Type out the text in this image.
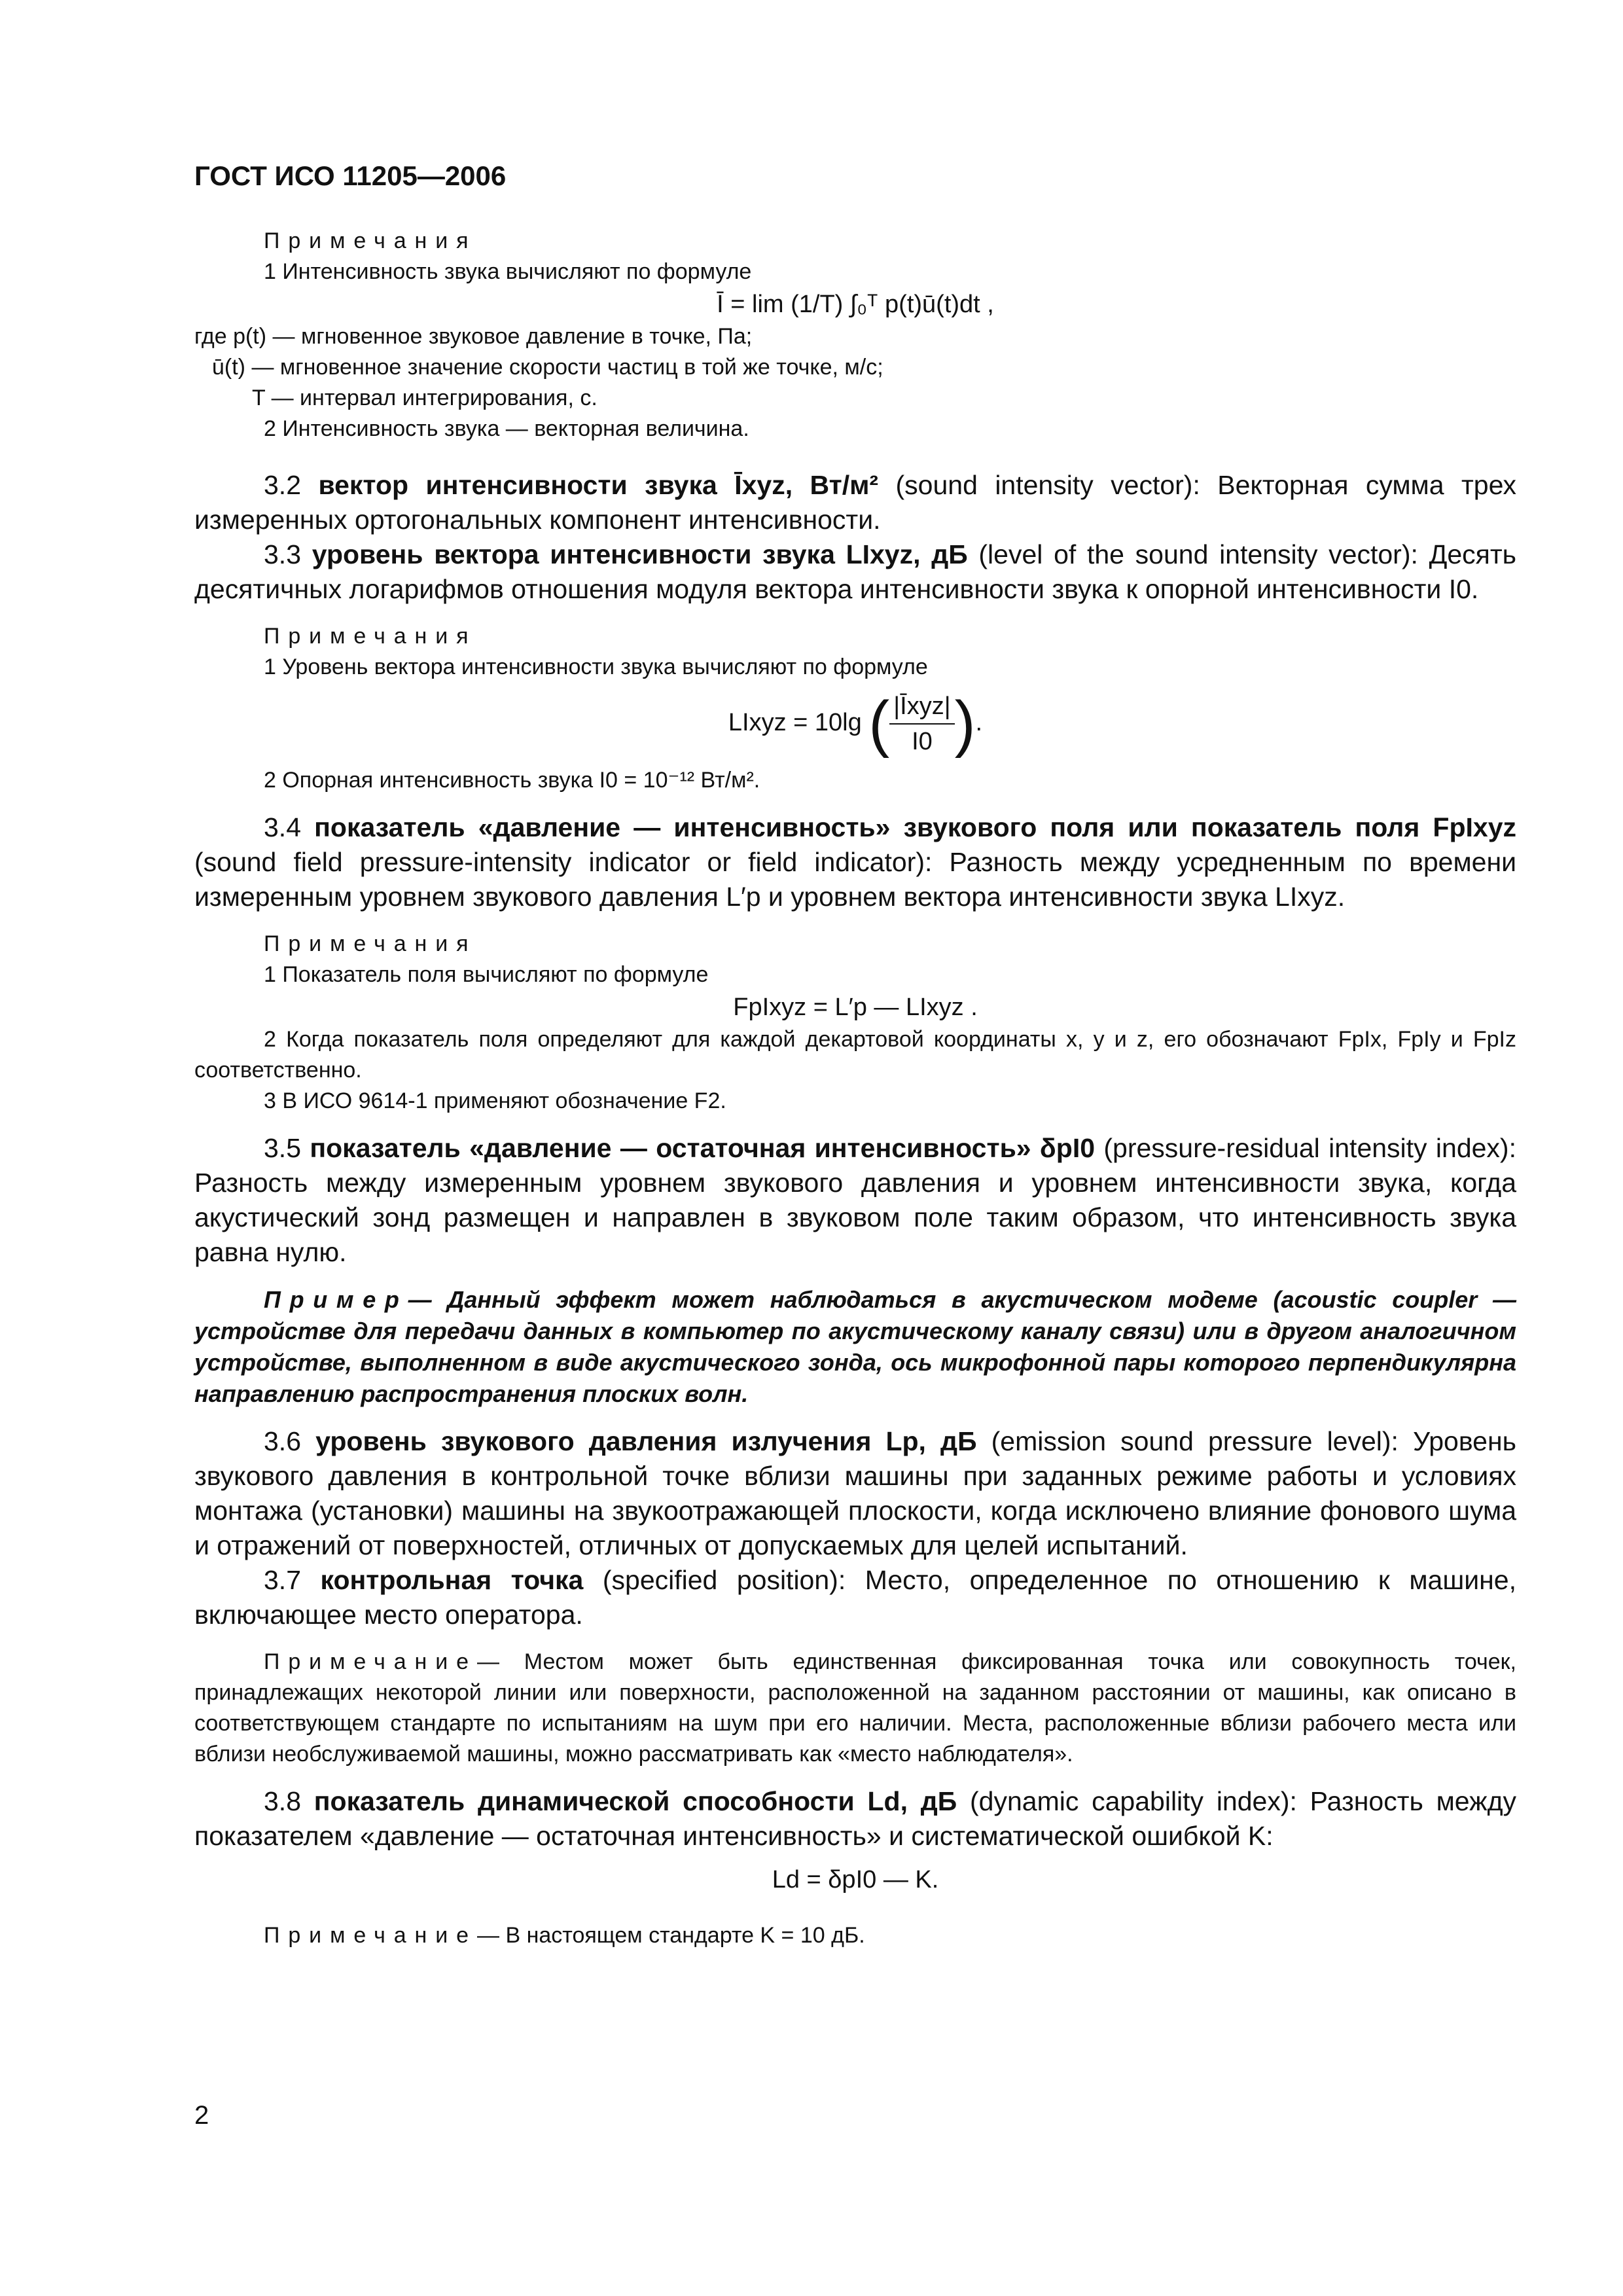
ГОСТ ИСО 11205—2006

Примечания

1 Интенсивность звука вычисляют по формуле

Ī = lim (1/T) ∫₀ᵀ p(t)ū(t)dt ,

где p(t) — мгновенное звуковое давление в точке, Па;

ū(t) — мгновенное значение скорости частиц в той же точке, м/с;

T — интервал интегрирования, с.

2 Интенсивность звука — векторная величина.

3.2 вектор интенсивности звука Īxyz, Вт/м² (sound intensity vector): Векторная сумма трех измеренных ортогональных компонент интенсивности.

3.3 уровень вектора интенсивности звука LIxyz, дБ (level of the sound intensity vector): Десять десятичных логарифмов отношения модуля вектора интенсивности звука к опорной интенсивности I0.

Примечания

1 Уровень вектора интенсивности звука вычисляют по формуле

LIxyz = 10lg ( $\frac{\text{|Īxyz|}}{I0}$ ).

2 Опорная интенсивность звука I0 = 10⁻¹² Вт/м².

3.4 показатель «давление — интенсивность» звукового поля или показатель поля FpIxyz (sound field pressure-intensity indicator or field indicator): Разность между усредненным по времени измеренным уровнем звукового давления L′p и уровнем вектора интенсивности звука LIxyz.

Примечания

1 Показатель поля вычисляют по формуле

FpIxyz = L′p — LIxyz .

2 Когда показатель поля определяют для каждой декартовой координаты x, y и z, его обозначают FpIx, FpIy и FpIz соответственно.

3 В ИСО 9614-1 применяют обозначение F2.

3.5 показатель «давление — остаточная интенсивность» δpI0 (pressure-residual intensity index): Разность между измеренным уровнем звукового давления и уровнем интенсивности звука, когда акустический зонд размещен и направлен в звуковом поле таким образом, что интенсивность звука равна нулю.

Пример— Данный эффект может наблюдаться в акустическом модеме (acoustic coupler — устройстве для передачи данных в компьютер по акустическому каналу связи) или в другом аналогичном устройстве, выполненном в виде акустического зонда, ось микрофонной пары которого перпендикулярна направлению распространения плоских волн.

3.6 уровень звукового давления излучения Lp, дБ (emission sound pressure level): Уровень звукового давления в контрольной точке вблизи машины при заданных режиме работы и условиях монтажа (установки) машины на звукоотражающей плоскости, когда исключено влияние фонового шума и отражений от поверхностей, отличных от допускаемых для целей испытаний.

3.7 контрольная точка (specified position): Место, определенное по отношению к машине, включающее место оператора.

Примечание— Местом может быть единственная фиксированная точка или совокупность точек, принадлежащих некоторой линии или поверхности, расположенной на заданном расстоянии от машины, как описано в соответствующем стандарте по испытаниям на шум при его наличии. Места, расположенные вблизи рабочего места или вблизи необслуживаемой машины, можно рассматривать как «место наблюдателя».

3.8 показатель динамической способности Ld, дБ (dynamic capability index): Разность между показателем «давление — остаточная интенсивность» и систематической ошибкой K:

Ld = δpI0 — K.

Примечание— В настоящем стандарте K = 10 дБ.

2
